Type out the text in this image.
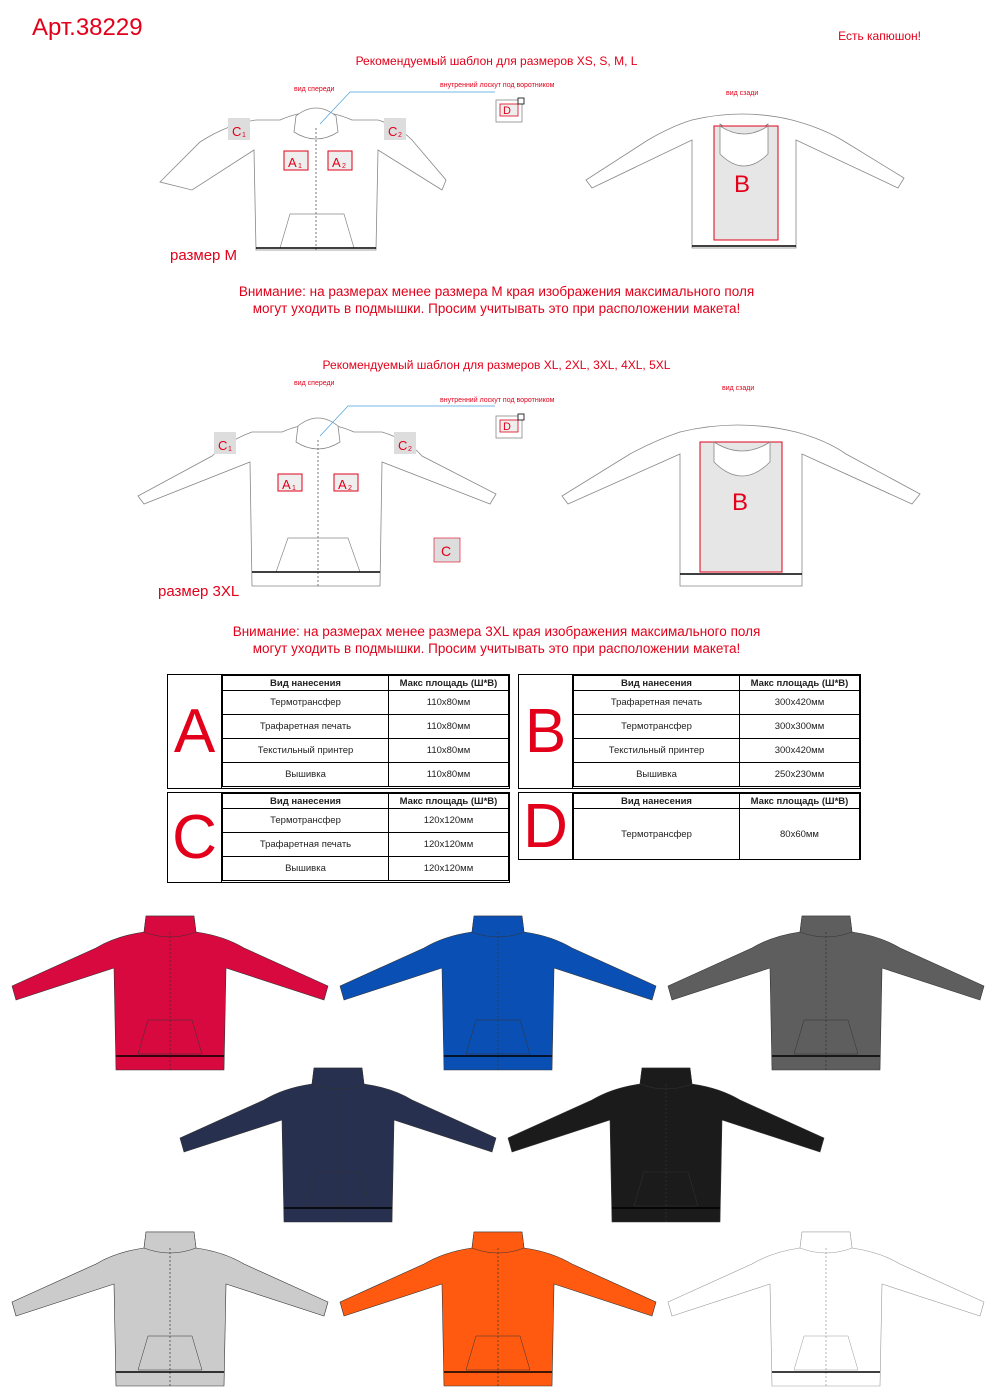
Арт.38229	Есть капюшон!
Рекомендуемый шаблон для размеров XS, S, M, L
вид спереди
внутренний лоскут под воротником
вид сзади
A 1 A 2
C 1	C 2
D
B
размер M
Внимание: на размерах менее размера M края изображения максимального поля
могут уходить в подмышки. Просим учитывать это при расположении макета!
Рекомендуемый шаблон для размеров XL, 2XL, 3XL, 4XL, 5XL
вид спереди
внутренний лоскут под воротником
вид сзади
A 1	A 2
C 1	C 2
C
D
B
размер 3XL
Внимание: на размерах менее размера 3XL края изображения максимального поля
могут уходить в подмышки. Просим учитывать это при расположении макета!
A
Вид нанесения	Макс площадь (Ш*В)
Термотрансфер	110x80мм
Трафаретная печать	110x80мм
Текстильный принтер	110x80мм
Вышивка	110x80мм
B
Вид нанесения	Макс площадь (Ш*В)
Трафаретная печать	300x420мм
Термотрансфер	300x300мм
Текстильный принтер	300x420мм
Вышивка	250x230мм
C
Вид нанесения	Макс площадь (Ш*В)
Термотрансфер	120x120мм
Трафаретная печать	120x120мм
Вышивка	120x120мм
D	Вид нанесения	Макс площадь (Ш*В)
Термотрансфер	80x60мм
